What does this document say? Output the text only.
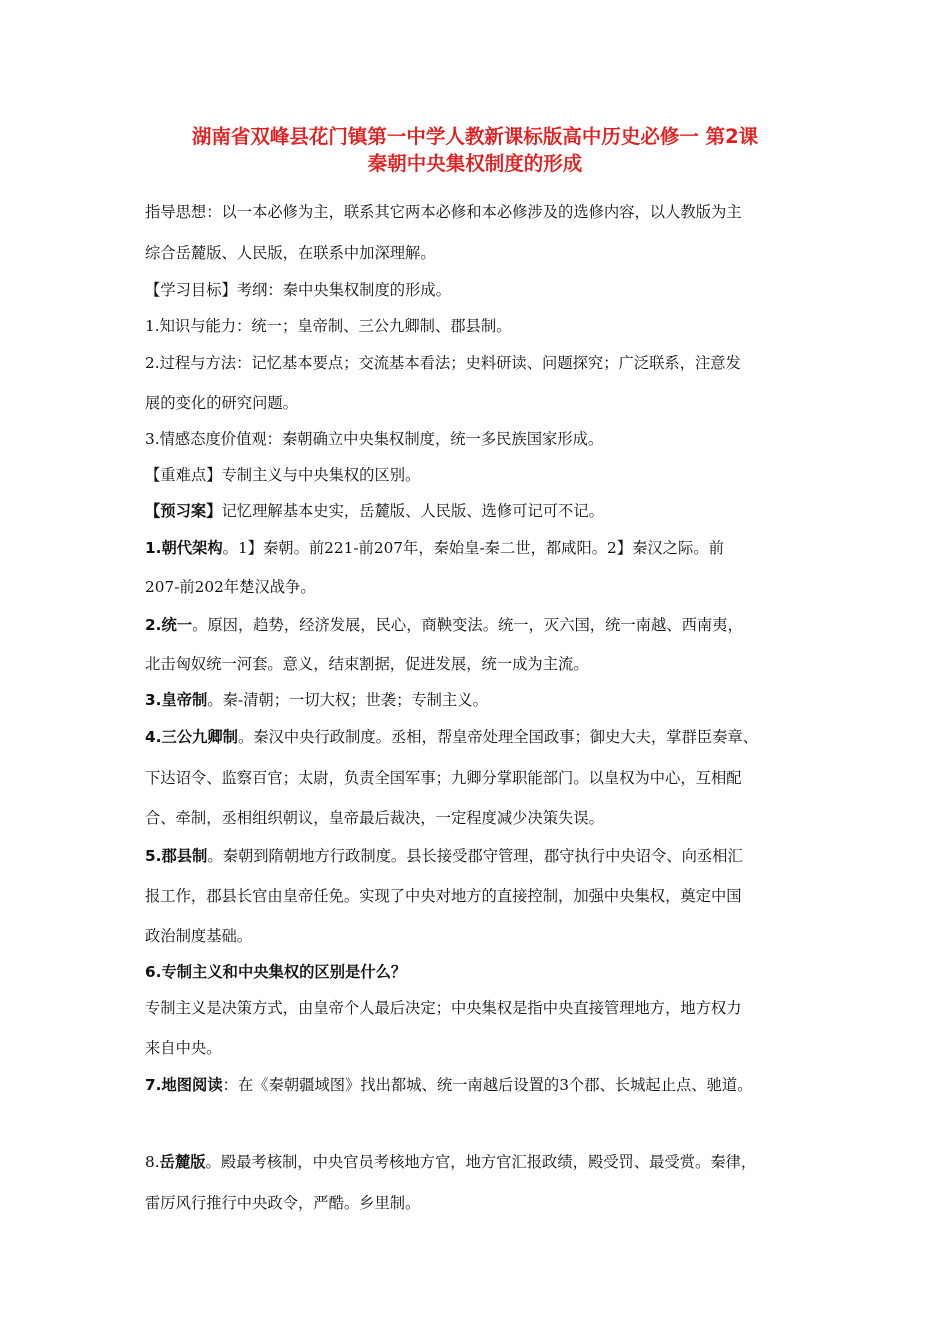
湖南省双峰县花门镇第一中学人教新课标版高中历史必修一 第2课
秦朝中央集权制度的形成
指导思想：以一本必修为主，联系其它两本必修和本必修涉及的选修内容，以人教版为主
综合岳麓版、人民版，在联系中加深理解。
【学习目标】考纲：秦中央集权制度的形成。
1.知识与能力：统一；皇帝制、三公九卿制、郡县制。
2.过程与方法：记忆基本要点；交流基本看法；史料研读、问题探究；广泛联系，注意发
展的变化的研究问题。
3.情感态度价值观：秦朝确立中央集权制度，统一多民族国家形成。
【重难点】专制主义与中央集权的区别。
【预习案】记忆理解基本史实，岳麓版、人民版、选修可记可不记。
1.朝代架构。1】秦朝。前221-前207年，秦始皇-秦二世，都咸阳。2】秦汉之际。前
207-前202年楚汉战争。
2.统一。原因，趋势，经济发展，民心，商鞅变法。统一，灭六国，统一南越、西南夷，
北击匈奴统一河套。意义，结束割据，促进发展，统一成为主流。
3.皇帝制。秦-清朝；一切大权；世袭；专制主义。
4.三公九卿制。秦汉中央行政制度。丞相，帮皇帝处理全国政事；御史大夫，掌群臣奏章、
下达诏令、监察百官；太尉，负责全国军事；九卿分掌职能部门。以皇权为中心，互相配
合、牵制，丞相组织朝议，皇帝最后裁决，一定程度减少决策失误。
5.郡县制。秦朝到隋朝地方行政制度。县长接受郡守管理，郡守执行中央诏令、向丞相汇
报工作，郡县长官由皇帝任免。实现了中央对地方的直接控制，加强中央集权，奠定中国
政治制度基础。
6.专制主义和中央集权的区别是什么？
专制主义是决策方式，由皇帝个人最后决定；中央集权是指中央直接管理地方，地方权力
来自中央。
7.地图阅读：在《秦朝疆域图》找出都城、统一南越后设置的3个郡、长城起止点、驰道。
8.岳麓版。殿最考核制，中央官员考核地方官，地方官汇报政绩，殿受罚、最受赏。秦律，
雷厉风行推行中央政令，严酷。乡里制。
